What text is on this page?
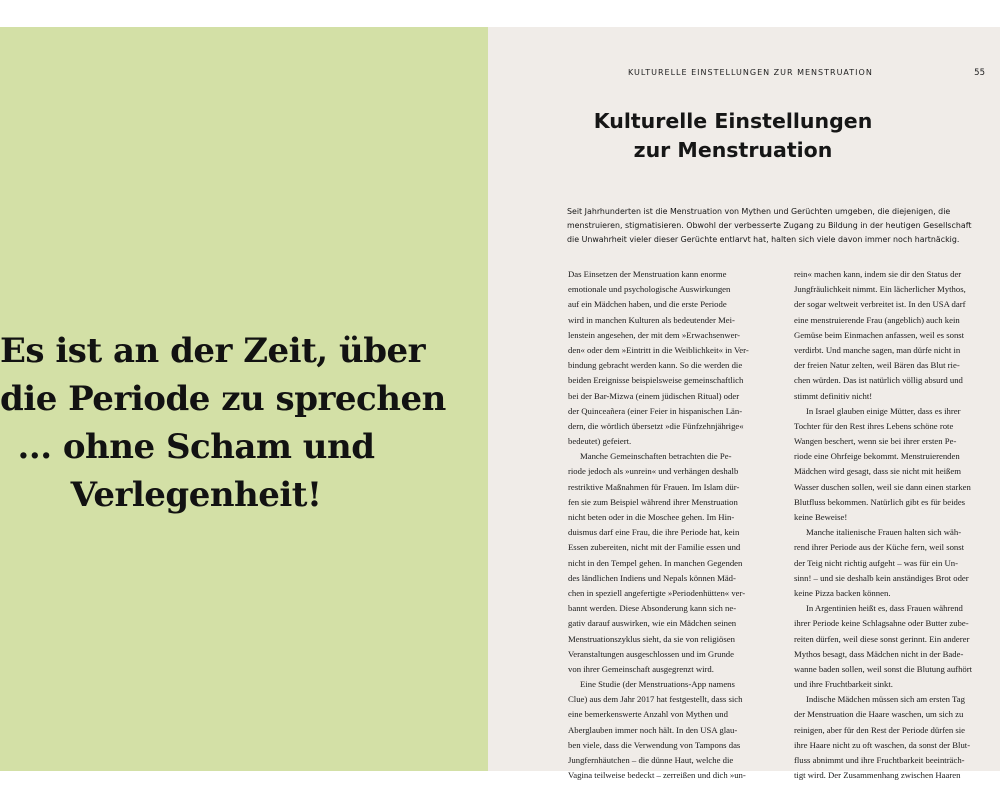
Es ist an der Zeit, über
die Periode zu sprechen
... ohne Scham und
Verlegenheit!
KULTURELLE EINSTELLUNGEN ZUR MENSTRUATION	55
Kulturelle Einstellungen
zur Menstruation
Seit Jahrhunderten ist die Menstruation von Mythen und Gerüchten umgeben, die diejenigen, die
menstruieren, stigmatisieren. Obwohl der verbesserte Zugang zu Bildung in der heutigen Gesellschaft
die Unwahrheit vieler dieser Gerüchte entlarvt hat, halten sich viele davon immer noch hartnäckig.
Das Einsetzen der Menstruation kann enorme
emotionale und psychologische Auswirkungen
auf ein Mädchen haben, und die erste Periode
wird in manchen Kulturen als bedeutender Mei-
lenstein angesehen, der mit dem »Erwachsenwer-
den« oder dem »Eintritt in die Weiblichkeit« in Ver-
bindung gebracht werden kann. So die werden die
beiden Ereignisse beispielsweise gemeinschaftlich
bei der Bar-Mizwa (einem jüdischen Ritual) oder
der Quinceañera (einer Feier in hispanischen Län-
dern, die wörtlich übersetzt »die Fünfzehnjährige«
bedeutet) gefeiert.
Manche Gemeinschaften betrachten die Pe-
riode jedoch als »unrein« und verhängen deshalb
restriktive Maßnahmen für Frauen. Im Islam dür-
fen sie zum Beispiel während ihrer Menstruation
nicht beten oder in die Moschee gehen. Im Hin-
duismus darf eine Frau, die ihre Periode hat, kein
Essen zubereiten, nicht mit der Familie essen und
nicht in den Tempel gehen. In manchen Gegenden
des ländlichen Indiens und Nepals können Mäd-
chen in speziell angefertigte »Periodenhütten« ver-
bannt werden. Diese Absonderung kann sich ne-
gativ darauf auswirken, wie ein Mädchen seinen
Menstruationszyklus sieht, da sie von religiösen
Veranstaltungen ausgeschlossen und im Grunde
von ihrer Gemeinschaft ausgegrenzt wird.
Eine Studie (der Menstruations-App namens
Clue) aus dem Jahr 2017 hat festgestellt, dass sich
eine bemerkenswerte Anzahl von Mythen und
Aberglauben immer noch hält. In den USA glau-
ben viele, dass die Verwendung von Tampons das
Jungfernhäutchen – die dünne Haut, welche die
Vagina teilweise bedeckt – zerreißen und dich »un-
rein« machen kann, indem sie dir den Status der
Jungfräulichkeit nimmt. Ein lächerlicher Mythos,
der sogar weltweit verbreitet ist. In den USA darf
eine menstruierende Frau (angeblich) auch kein
Gemüse beim Einmachen anfassen, weil es sonst
verdirbt. Und manche sagen, man dürfe nicht in
der freien Natur zelten, weil Bären das Blut rie-
chen würden. Das ist natürlich völlig absurd und
stimmt definitiv nicht!
In Israel glauben einige Mütter, dass es ihrer
Tochter für den Rest ihres Lebens schöne rote
Wangen beschert, wenn sie bei ihrer ersten Pe-
riode eine Ohrfeige bekommt. Menstruierenden
Mädchen wird gesagt, dass sie nicht mit heißem
Wasser duschen sollen, weil sie dann einen starken
Blutfluss bekommen. Natürlich gibt es für beides
keine Beweise!
Manche italienische Frauen halten sich wäh-
rend ihrer Periode aus der Küche fern, weil sonst
der Teig nicht richtig aufgeht – was für ein Un-
sinn! – und sie deshalb kein anständiges Brot oder
keine Pizza backen können.
In Argentinien heißt es, dass Frauen während
ihrer Periode keine Schlagsahne oder Butter zube-
reiten dürfen, weil diese sonst gerinnt. Ein anderer
Mythos besagt, dass Mädchen nicht in der Bade-
wanne baden sollen, weil sonst die Blutung aufhört
und ihre Fruchtbarkeit sinkt.
Indische Mädchen müssen sich am ersten Tag
der Menstruation die Haare waschen, um sich zu
reinigen, aber für den Rest der Periode dürfen sie
ihre Haare nicht zu oft waschen, da sonst der Blut-
fluss abnimmt und ihre Fruchtbarkeit beeinträch-
tigt wird. Der Zusammenhang zwischen Haaren
